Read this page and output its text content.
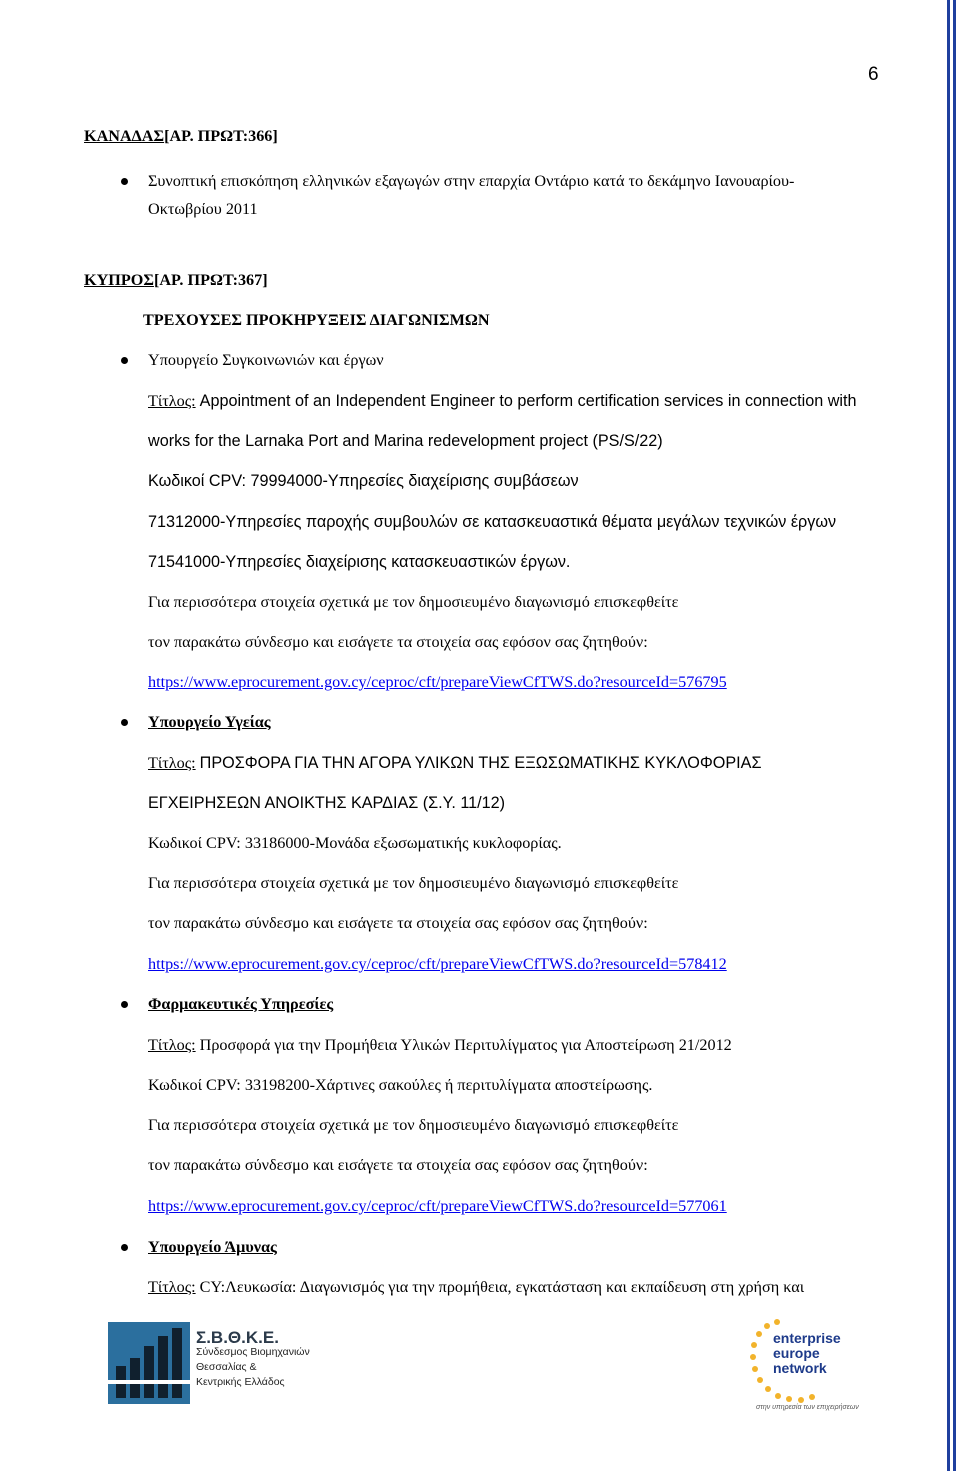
6
ΚΑΝΑΔΑΣ[ΑΡ. ΠΡΩΤ:366]
Συνοπτική επισκόπηση ελληνικών εξαγωγών στην επαρχία Οντάριο κατά το δεκάμηνο Ιανουαρίου-
Οκτωβρίου 2011
ΚΥΠΡΟΣ[ΑΡ. ΠΡΩΤ:367]
ΤΡΕΧΟΥΣΕΣ ΠΡΟΚΗΡΥΞΕΙΣ ΔΙΑΓΩΝΙΣΜΩΝ
Υπουργείο Συγκοινωνιών και έργων
Τίτλος: Appointment of an Independent Engineer to perform certification services in connection with
works for the Larnaka Port and Marina redevelopment project (PS/S/22)
Κωδικοί CPV: 79994000-Υπηρεσίες διαχείρισης συμβάσεων
71312000-Υπηρεσίες παροχής συμβουλών σε κατασκευαστικά θέματα μεγάλων τεχνικών έργων
71541000-Υπηρεσίες διαχείρισης κατασκευαστικών έργων.
Για περισσότερα στοιχεία σχετικά με τον δημοσιευμένο διαγωνισμό επισκεφθείτε
τον παρακάτω σύνδεσμο και εισάγετε τα στοιχεία σας εφόσον σας ζητηθούν:
https://www.eprocurement.gov.cy/ceproc/cft/prepareViewCfTWS.do?resourceId=576795
Υπουργείο Υγείας
Τίτλος: ΠΡΟΣΦΟΡΑ ΓΙΑ ΤΗΝ ΑΓΟΡΑ ΥΛΙΚΩΝ ΤΗΣ ΕΞΩΣΩΜΑΤΙΚΗΣ ΚΥΚΛΟΦΟΡΙΑΣ
ΕΓΧΕΙΡΗΣΕΩΝ ΑΝΟΙΚΤΗΣ ΚΑΡΔΙΑΣ (Σ.Υ. 11/12)
Κωδικοί CPV: 33186000-Μονάδα εξωσωματικής κυκλοφορίας.
Για περισσότερα στοιχεία σχετικά με τον δημοσιευμένο διαγωνισμό επισκεφθείτε
τον παρακάτω σύνδεσμο και εισάγετε τα στοιχεία σας εφόσον σας ζητηθούν:
https://www.eprocurement.gov.cy/ceproc/cft/prepareViewCfTWS.do?resourceId=578412
Φαρμακευτικές Υπηρεσίες
Τίτλος: Προσφορά για την Προμήθεια Υλικών Περιτυλίγματος για Αποστείρωση 21/2012
Κωδικοί CPV: 33198200-Χάρτινες σακούλες ή περιτυλίγματα αποστείρωσης.
Για περισσότερα στοιχεία σχετικά με τον δημοσιευμένο διαγωνισμό επισκεφθείτε
τον παρακάτω σύνδεσμο και εισάγετε τα στοιχεία σας εφόσον σας ζητηθούν:
https://www.eprocurement.gov.cy/ceproc/cft/prepareViewCfTWS.do?resourceId=577061
Υπουργείο Άμυνας
Τίτλος: CY:Λευκωσία: Διαγωνισμός για την προμήθεια, εγκατάσταση και εκπαίδευση στη χρήση και
Σ.Β.Θ.Κ.Ε.
Σύνδεσμος Βιομηχανιών
Θεσσαλίας &
Κεντρικής Ελλάδος
enterprise
europe
network
στην υπηρεσία των επιχειρήσεων
